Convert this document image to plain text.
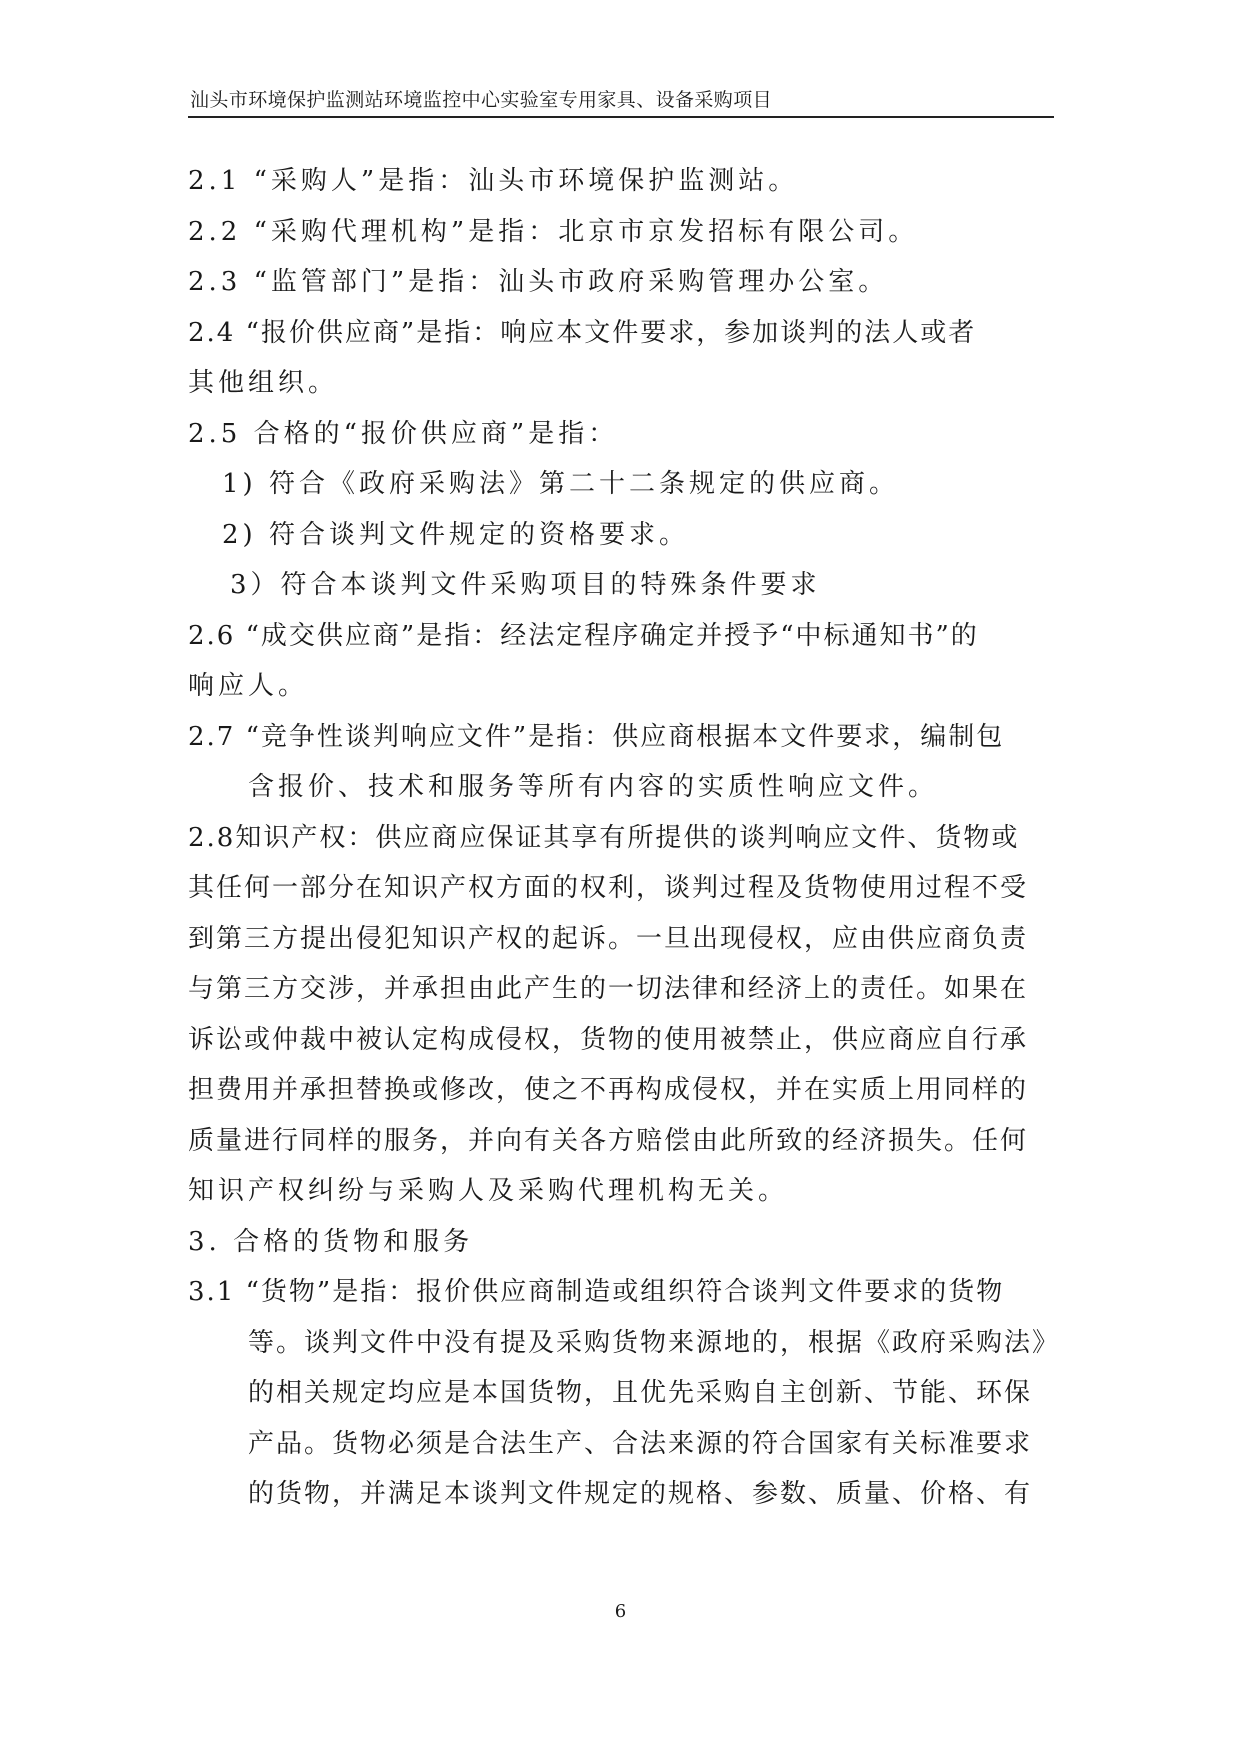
汕头市环境保护监测站环境监控中心实验室专用家具、设备采购项目
2.1 “采购人”是指：汕头市环境保护监测站。
2.2 “采购代理机构”是指：北京市京发招标有限公司。
2.3 “监管部门”是指：汕头市政府采购管理办公室。
2.4 “报价供应商”是指：响应本文件要求，参加谈判的法人或者
其他组织。
2.5 合格的“报价供应商”是指：
1) 符合《政府采购法》第二十二条规定的供应商。
2) 符合谈判文件规定的资格要求。
3）符合本谈判文件采购项目的特殊条件要求
2.6 “成交供应商”是指：经法定程序确定并授予“中标通知书”的
响应人。
2.7 “竞争性谈判响应文件”是指：供应商根据本文件要求，编制包
含报价、技术和服务等所有内容的实质性响应文件。
2.8知识产权：供应商应保证其享有所提供的谈判响应文件、货物或
其任何一部分在知识产权方面的权利，谈判过程及货物使用过程不受
到第三方提出侵犯知识产权的起诉。一旦出现侵权，应由供应商负责
与第三方交涉，并承担由此产生的一切法律和经济上的责任。如果在
诉讼或仲裁中被认定构成侵权，货物的使用被禁止，供应商应自行承
担费用并承担替换或修改，使之不再构成侵权，并在实质上用同样的
质量进行同样的服务，并向有关各方赔偿由此所致的经济损失。任何
知识产权纠纷与采购人及采购代理机构无关。
3. 合格的货物和服务
3.1 “货物”是指：报价供应商制造或组织符合谈判文件要求的货物
等。谈判文件中没有提及采购货物来源地的，根据《政府采购法》
的相关规定均应是本国货物，且优先采购自主创新、节能、环保
产品。货物必须是合法生产、合法来源的符合国家有关标准要求
的货物，并满足本谈判文件规定的规格、参数、质量、价格、有
6
